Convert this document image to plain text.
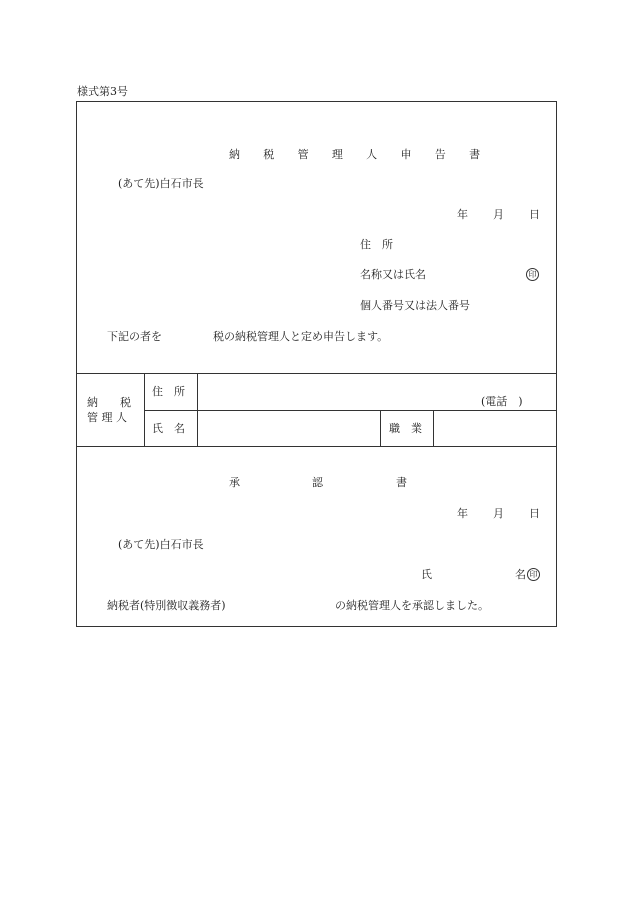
様式第3号
納 税 管 理 人 申 告 書
(あて先)白石市長
年 月 日
住　所
名称又は氏名	印
個人番号又は法人番号
下記の者を	税の納税管理人と定め申告します。
納　　税
管 理 人
住　所
(電話　)
氏　名	職　業
承	認	書
年 月 日
(あて先)白石市長
氏	名 印
納税者(特別徴収義務者)	の納税管理人を承認しました。
